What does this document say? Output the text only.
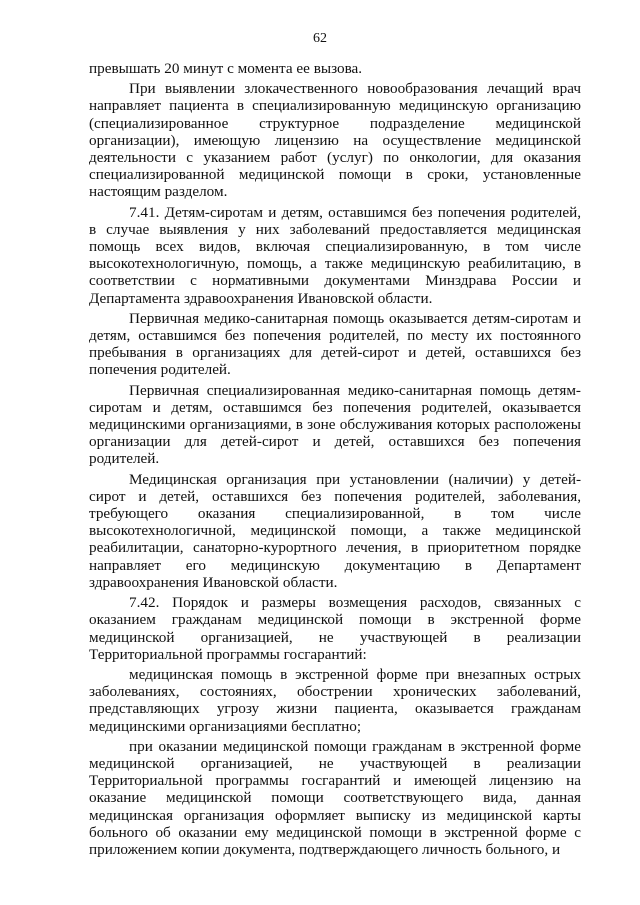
62

превышать 20 минут с момента ее вызова.

При выявлении злокачественного новообразования лечащий врач направляет пациента в специализированную медицинскую организацию (специализированное структурное подразделение медицинской организации), имеющую лицензию на осуществление медицинской деятельности с указанием работ (услуг) по онкологии, для оказания специализированной медицинской помощи в сроки, установленные настоящим разделом.

7.41. Детям-сиротам и детям, оставшимся без попечения родителей, в случае выявления у них заболеваний предоставляется медицинская помощь всех видов, включая специализированную, в том числе высокотехнологичную, помощь, а также медицинскую реабилитацию, в соответствии с нормативными документами Минздрава России и Департамента здравоохранения Ивановской области.

Первичная медико-санитарная помощь оказывается детям-сиротам и детям, оставшимся без попечения родителей, по месту их постоянного пребывания в организациях для детей-сирот и детей, оставшихся без попечения родителей.

Первичная специализированная медико-санитарная помощь детям-сиротам и детям, оставшимся без попечения родителей, оказывается медицинскими организациями, в зоне обслуживания которых расположены организации для детей-сирот и детей, оставшихся без попечения родителей.

Медицинская организация при установлении (наличии) у детей-сирот и детей, оставшихся без попечения родителей, заболевания, требующего оказания специализированной, в том числе высокотехнологичной, медицинской помощи, а также медицинской реабилитации, санаторно-курортного лечения, в приоритетном порядке направляет его медицинскую документацию в Департамент здравоохранения Ивановской области.

7.42. Порядок и размеры возмещения расходов, связанных с оказанием гражданам медицинской помощи в экстренной форме медицинской организацией, не участвующей в реализации Территориальной программы госгарантий:

медицинская помощь в экстренной форме при внезапных острых заболеваниях, состояниях, обострении хронических заболеваний, представляющих угрозу жизни пациента, оказывается гражданам медицинскими организациями бесплатно;

при оказании медицинской помощи гражданам в экстренной форме медицинской организацией, не участвующей в реализации Территориальной программы госгарантий и имеющей лицензию на оказание медицинской помощи соответствующего вида, данная медицинская организация оформляет выписку из медицинской карты больного об оказании ему медицинской помощи в экстренной форме с приложением копии документа, подтверждающего личность больного, и
